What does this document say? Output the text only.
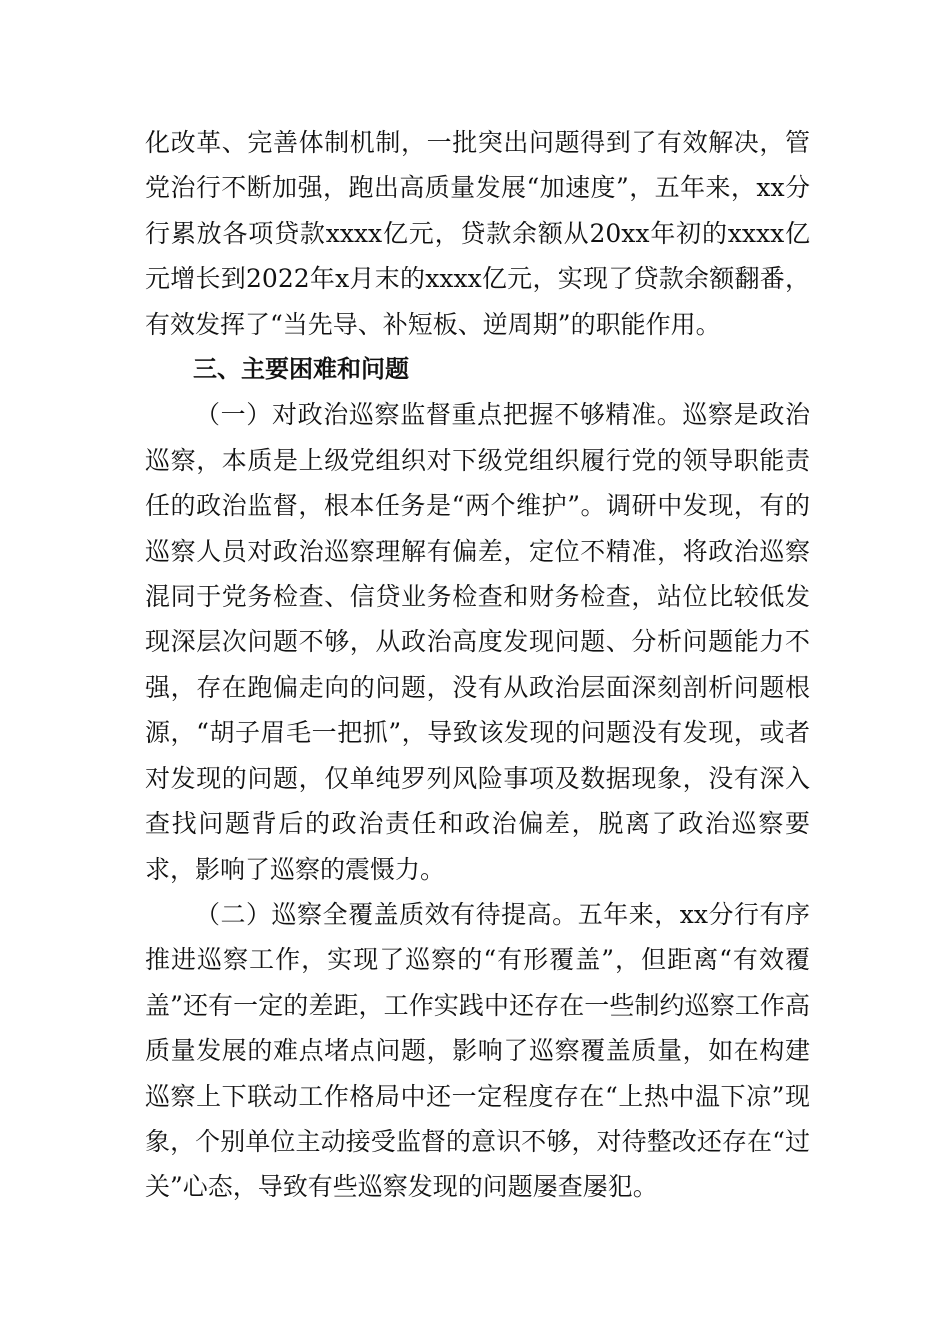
化改革、完善体制机制，一批突出问题得到了有效解决，管党治行不断加强，跑出高质量发展“加速度”，五年来，xx分行累放各项贷款xxxx亿元，贷款余额从20xx年初的xxxx亿元增长到2022年x月末的xxxx亿元，实现了贷款余额翻番，有效发挥了“当先导、补短板、逆周期”的职能作用。

三、主要困难和问题

（一）对政治巡察监督重点把握不够精准。巡察是政治巡察，本质是上级党组织对下级党组织履行党的领导职能责任的政治监督，根本任务是“两个维护”。调研中发现，有的巡察人员对政治巡察理解有偏差，定位不精准，将政治巡察混同于党务检查、信贷业务检查和财务检查，站位比较低发现深层次问题不够，从政治高度发现问题、分析问题能力不强，存在跑偏走向的问题，没有从政治层面深刻剖析问题根源，“胡子眉毛一把抓”，导致该发现的问题没有发现，或者对发现的问题，仅单纯罗列风险事项及数据现象，没有深入查找问题背后的政治责任和政治偏差，脱离了政治巡察要求，影响了巡察的震慑力。

（二）巡察全覆盖质效有待提高。五年来，xx分行有序推进巡察工作，实现了巡察的“有形覆盖”，但距离“有效覆盖”还有一定的差距，工作实践中还存在一些制约巡察工作高质量发展的难点堵点问题，影响了巡察覆盖质量，如在构建巡察上下联动工作格局中还一定程度存在“上热中温下凉”现象，个别单位主动接受监督的意识不够，对待整改还存在“过关”心态，导致有些巡察发现的问题屡查屡犯。
